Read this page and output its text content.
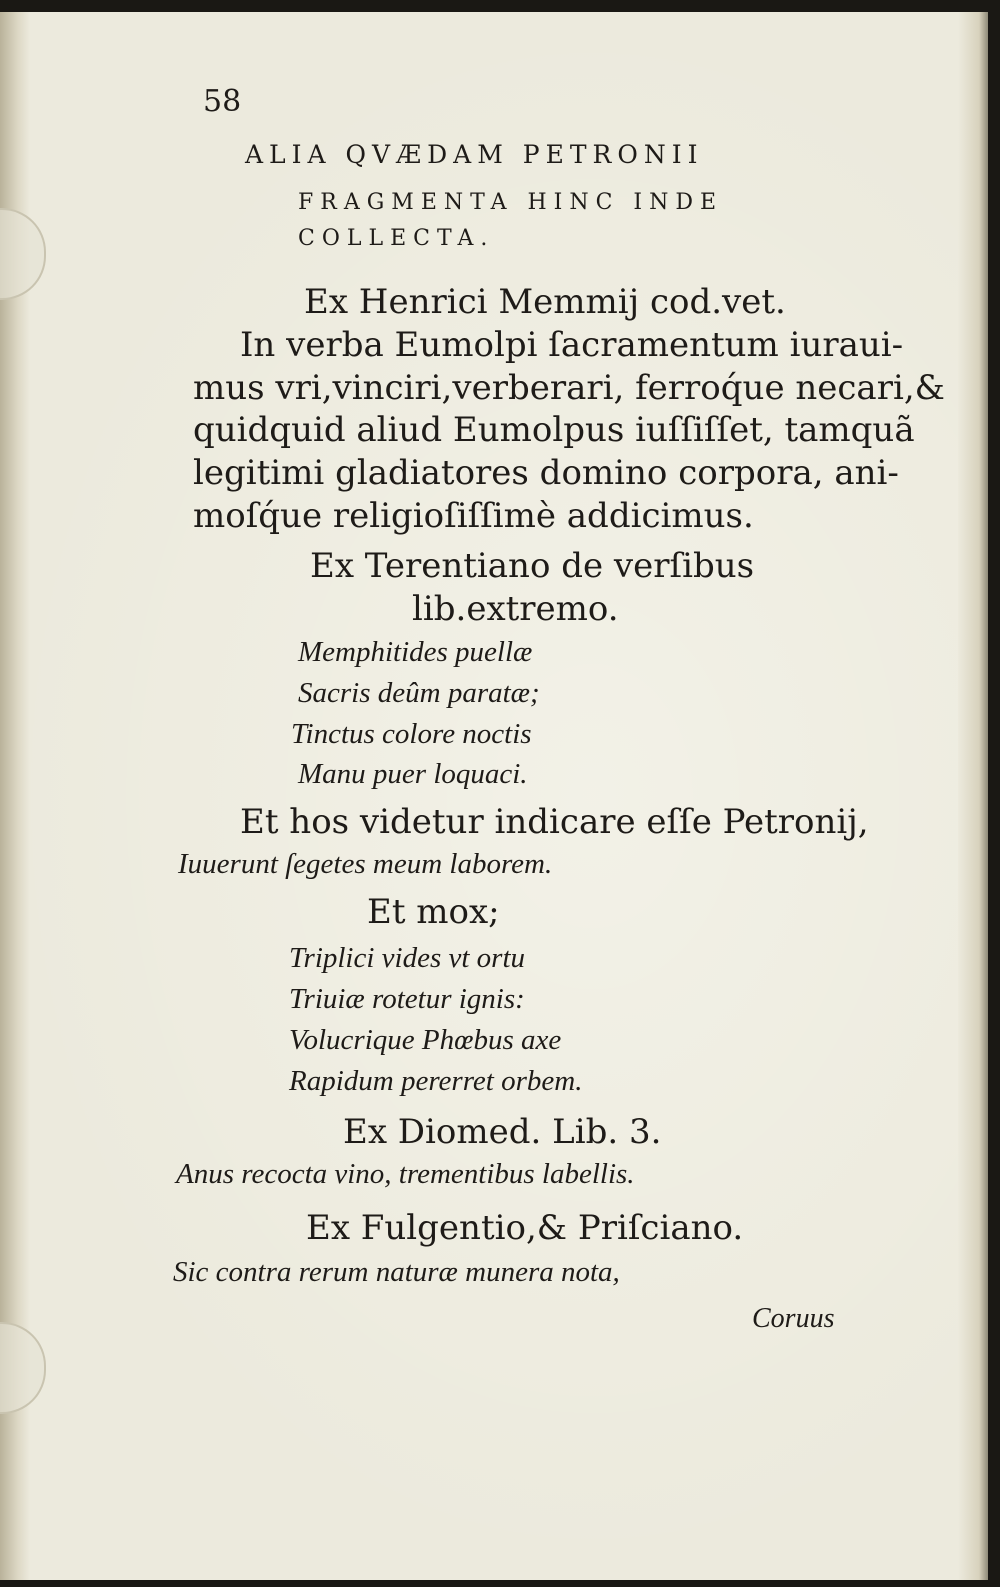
58
ALIA QVÆDAM PETRONII
FRAGMENTA HINC INDE
COLLECTA.
Ex Henrici Memmij cod.vet.
In verba Eumolpi ſacramentum iuraui-
mus vri,vinciri,verberari, ferroq́ue necari,&
quidquid aliud Eumolpus iuſſiſſet, tamquã
legitimi gladiatores domino corpora, ani-
moſq́ue religioſiſſimè addicimus.
Ex Terentiano de verſibus
lib.extremo.
Memphitides puellæ
Sacris deûm paratæ;
Tinctus colore noctis
Manu puer loquaci.
Et hos videtur indicare eſſe Petronij,
Iuuerunt ſegetes meum laborem.
Et mox;
Triplici vides vt ortu
Triuiæ rotetur ignis:
Volucrique Phœbus axe
Rapidum pererret orbem.
Ex Diomed. Lib. 3.
Anus recocta vino, trementibus labellis.
Ex Fulgentio,& Priſciano.
Sic contra rerum naturæ munera nota,
Coruus
